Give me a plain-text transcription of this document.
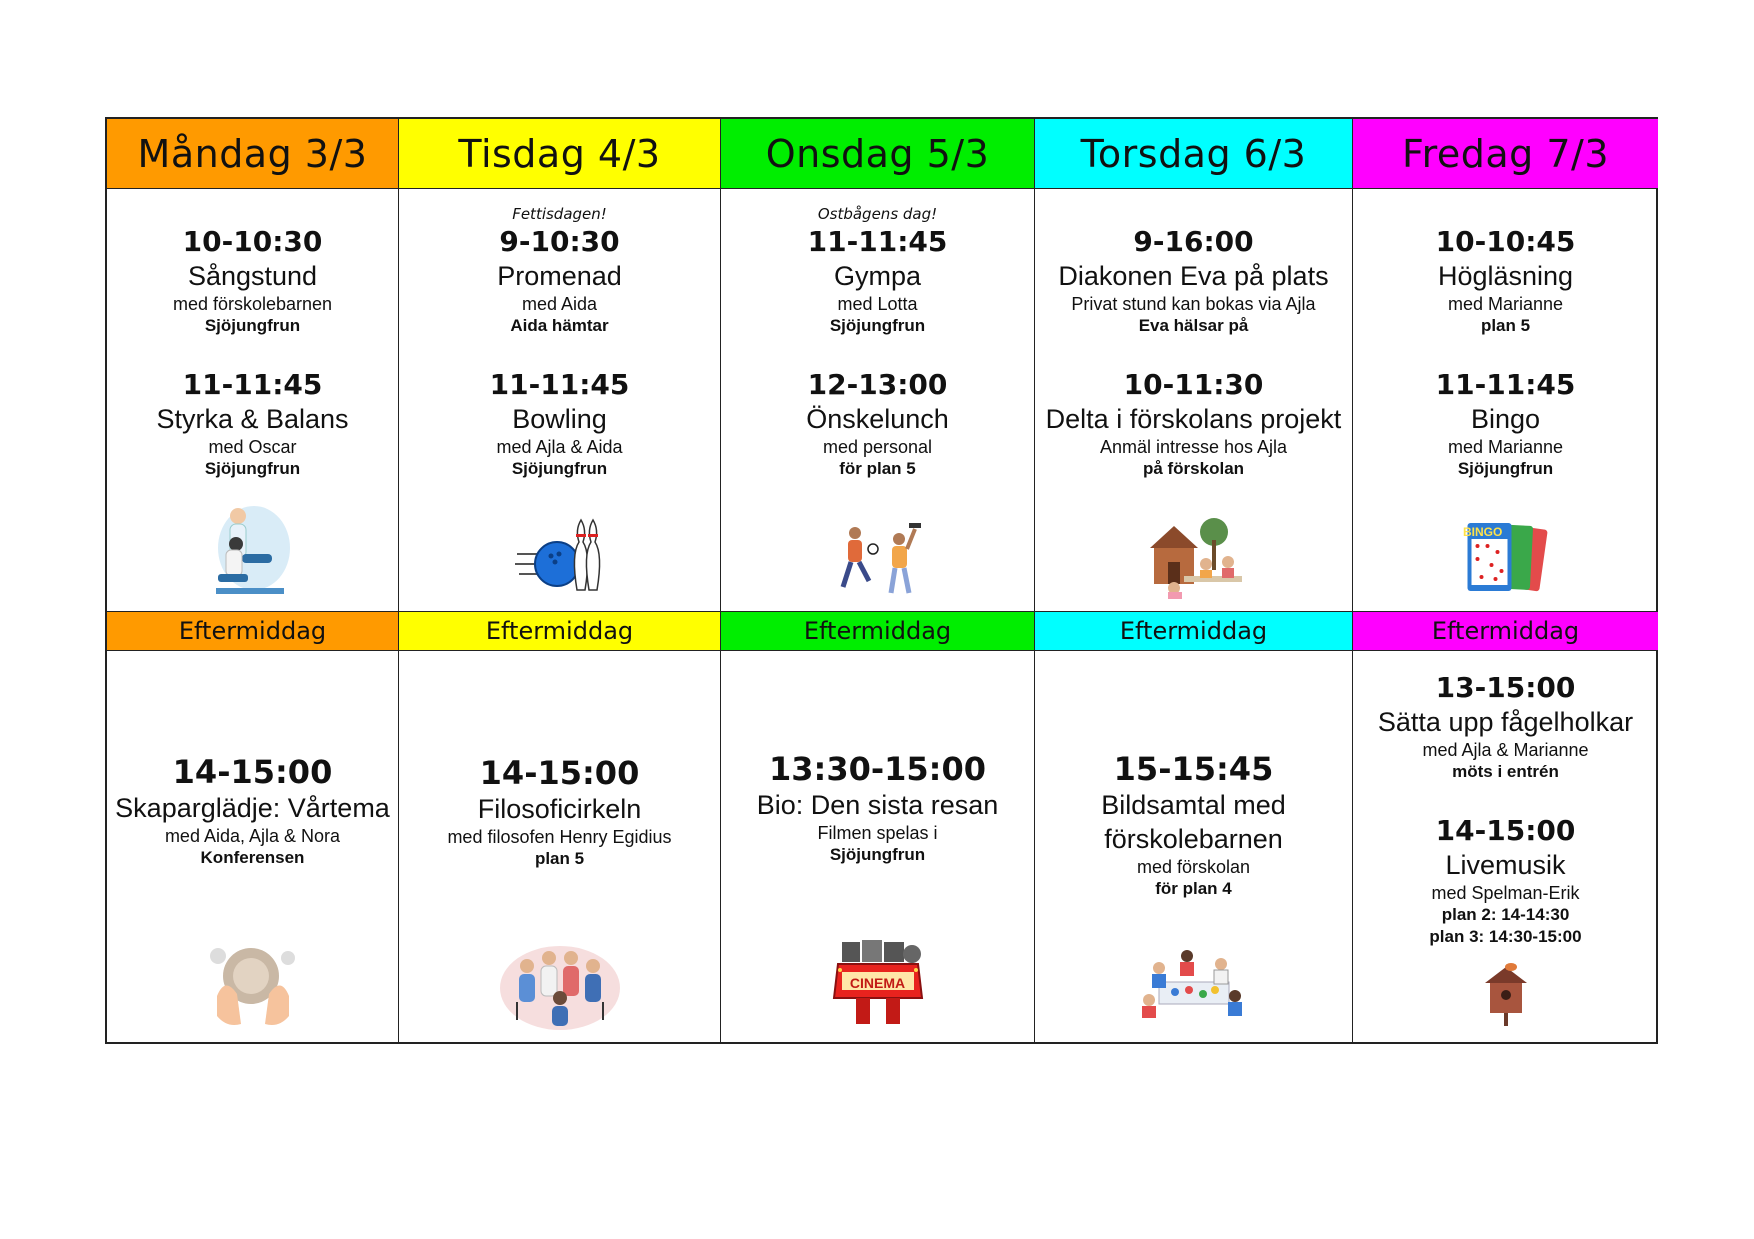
Måndag 3/3
10-10:30
Sångstund
med förskolebarnen
Sjöjungfrun
11-11:45
Styrka & Balans
med Oscar
Sjöjungfrun
Eftermiddag
14-15:00
Skaparglädje: Vårtema
med Aida, Ajla & Nora
Konferensen
Tisdag 4/3
Fettisdagen!
9-10:30
Promenad
med Aida
Aida hämtar
11-11:45
Bowling
med Ajla & Aida
Sjöjungfrun
Eftermiddag
14-15:00
Filosoficirkeln
med filosofen Henry Egidius
plan 5
Onsdag 5/3
Ostbågens dag!
11-11:45
Gympa
med Lotta
Sjöjungfrun
12-13:00
Önskelunch
med personal
för plan 5
Eftermiddag
13:30-15:00
Bio: Den sista resan
Filmen spelas i
Sjöjungfrun
CINEMA
Torsdag 6/3
9-16:00
Diakonen Eva på plats
Privat stund kan bokas via Ajla
Eva hälsar på
10-11:30
Delta i förskolans projekt
Anmäl intresse hos Ajla
på förskolan
Eftermiddag
15-15:45
Bildsamtal med förskolebarnen
med förskolan
för plan 4
Fredag 7/3
10-10:45
Högläsning
med Marianne
plan 5
11-11:45
Bingo
med Marianne
Sjöjungfrun
BINGO
Eftermiddag
13-15:00
Sätta upp fågelholkar
med Ajla & Marianne
möts i entrén
14-15:00
Livemusik
med Spelman-Erik
plan 2: 14-14:30
plan 3: 14:30-15:00
